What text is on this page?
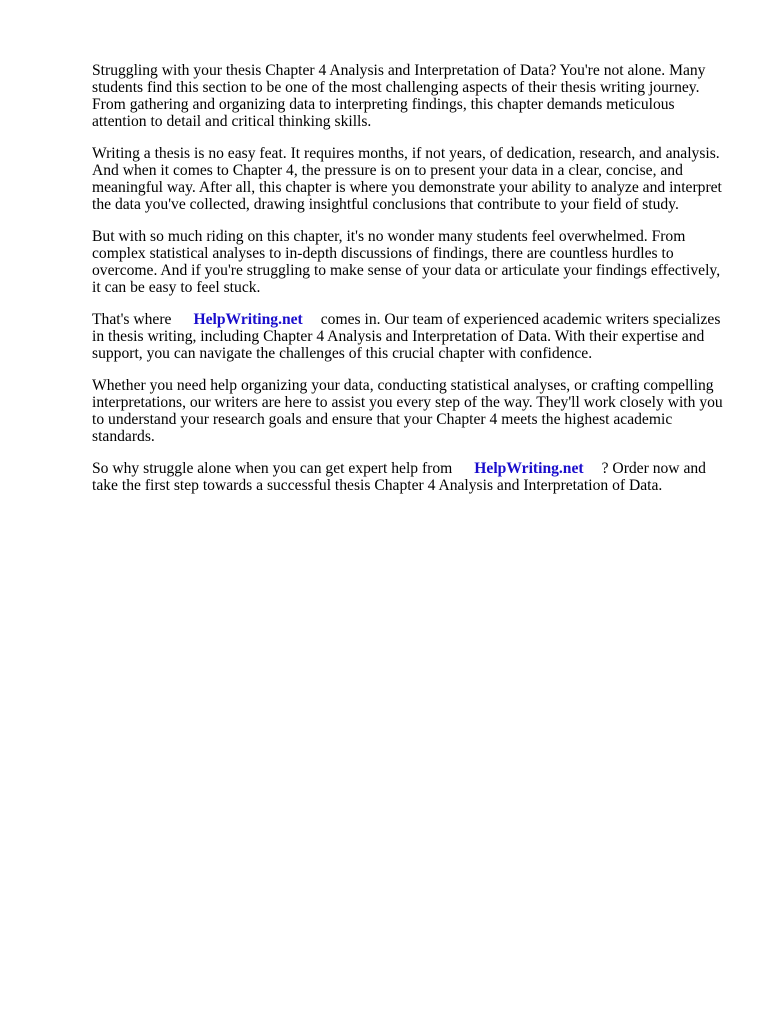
Struggling with your thesis Chapter 4 Analysis and Interpretation of Data? You're not alone. Many students find this section to be one of the most challenging aspects of their thesis writing journey. From gathering and organizing data to interpreting findings, this chapter demands meticulous attention to detail and critical thinking skills.

Writing a thesis is no easy feat. It requires months, if not years, of dedication, research, and analysis. And when it comes to Chapter 4, the pressure is on to present your data in a clear, concise, and meaningful way. After all, this chapter is where you demonstrate your ability to analyze and interpret the data you've collected, drawing insightful conclusions that contribute to your field of study.

But with so much riding on this chapter, it's no wonder many students feel overwhelmed. From complex statistical analyses to in-depth discussions of findings, there are countless hurdles to overcome. And if you're struggling to make sense of your data or articulate your findings effectively, it can be easy to feel stuck.

That's where HelpWriting.net comes in. Our team of experienced academic writers specializes in thesis writing, including Chapter 4 Analysis and Interpretation of Data. With their expertise and support, you can navigate the challenges of this crucial chapter with confidence.

Whether you need help organizing your data, conducting statistical analyses, or crafting compelling interpretations, our writers are here to assist you every step of the way. They'll work closely with you to understand your research goals and ensure that your Chapter 4 meets the highest academic standards.

So why struggle alone when you can get expert help from HelpWriting.net ? Order now and take the first step towards a successful thesis Chapter 4 Analysis and Interpretation of Data.
